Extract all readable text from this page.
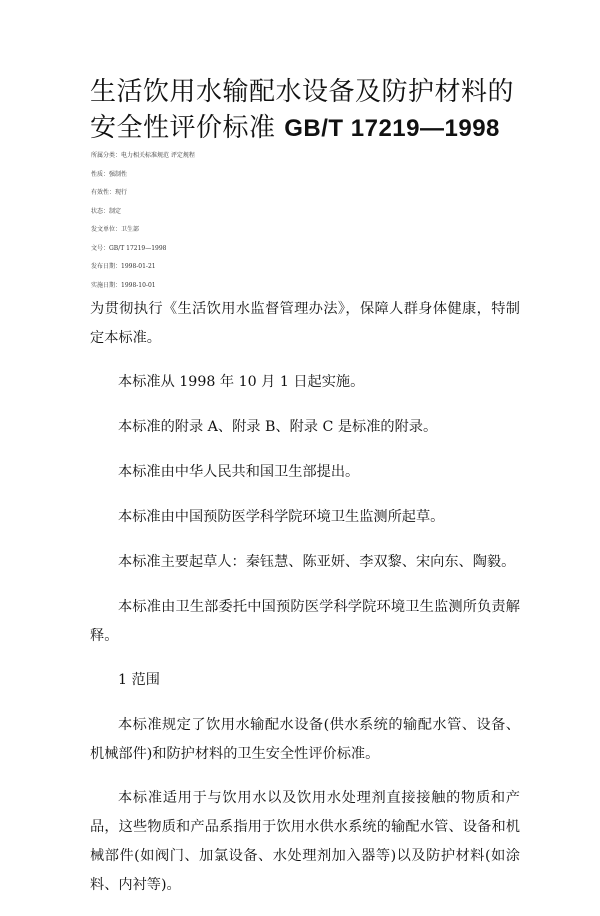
生活饮用水输配水设备及防护材料的安全性评价标准 GB/T 17219—1998
所属分类：电力相关标准规范 评定规程
性质：强制性
有效性：现行
状态：制定
发文单位：卫生部
文号：GB/T 17219—1998
发布日期：1998-01-21
实施日期：1998-10-01

为贯彻执行《生活饮用水监督管理办法》，保障人群身体健康，特制定本标准。

本标准从 1998 年 10 月 1 日起实施。

本标准的附录 A、附录 B、附录 C 是标准的附录。

本标准由中华人民共和国卫生部提出。

本标准由中国预防医学科学院环境卫生监测所起草。

本标准主要起草人：秦钰慧、陈亚妍、李双黎、宋向东、陶毅。

本标准由卫生部委托中国预防医学科学院环境卫生监测所负责解释。

1 范围

本标准规定了饮用水输配水设备(供水系统的输配水管、设备、机械部件)和防护材料的卫生安全性评价标准。

本标准适用于与饮用水以及饮用水处理剂直接接触的物质和产品，这些物质和产品系指用于饮用水供水系统的输配水管、设备和机械部件(如阀门、加氯设备、水处理剂加入器等)以及防护材料(如涂料、内衬等)。
